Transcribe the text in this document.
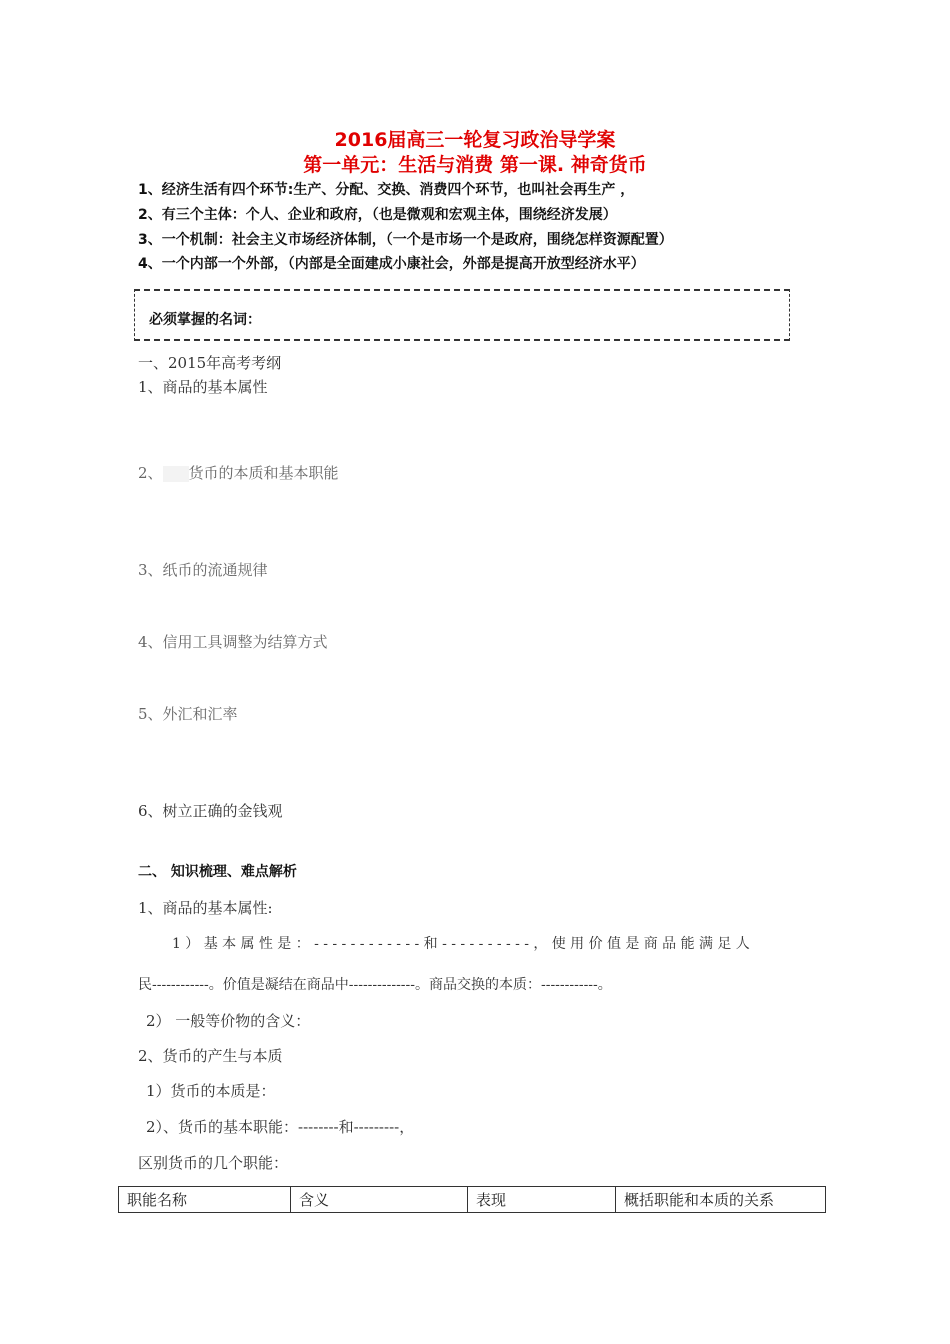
2016届高三一轮复习政治导学案
第一单元：生活与消费 第一课. 神奇货币
1、经济生活有四个环节:生产、分配、交换、消费四个环节，也叫社会再生产 ，
2、有三个主体：个人、企业和政府，（也是微观和宏观主体，围绕经济发展）
3、一个机制：社会主义市场经济体制，（一个是市场一个是政府，围绕怎样资源配置）
4、一个内部一个外部，（内部是全面建成小康社会，外部是提高开放型经济水平）
必须掌握的名词：
一、2015年高考考纲
1、商品的基本属性
2、 货币的本质和基本职能
3、纸币的流通规律
4、信用工具调整为结算方式
5、外汇和汇率
6、树立正确的金钱观
二、 知识梳理、难点解析
1、商品的基本属性:
1）基本属性是：------------和----------，使用价值是商品能满足人
民------------。价值是凝结在商品中--------------。商品交换的本质：------------。
2） 一般等价物的含义：
2、货币的产生与本质
1）货币的本质是：
2）、货币的基本职能：--------和---------，
区别货币的几个职能：
职能名称	含义	表现	概括职能和本质的关系
